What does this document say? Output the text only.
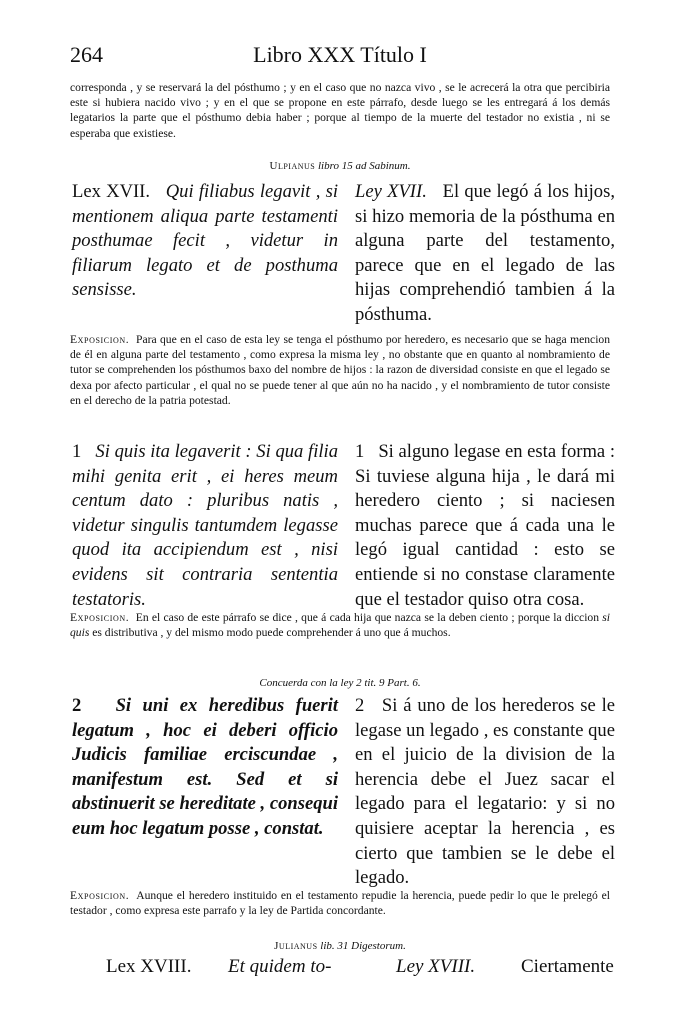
264	Libro XXX Título I
corresponda , y se reservará la del pósthumo ; y en el caso que no nazca vivo , se le acrecerá la otra que percibiria este si hubiera nacido vivo ; y en el que se propone en este párrafo, desde luego se les entregará á los demás legatarios la parte que el pósthumo debia haber ; porque al tiempo de la muerte del testador no existia , ni se esperaba que existiese.
Ulpianus libro 15 ad Sabinum.

Lex XVII. Qui filiabus legavit , si mentionem aliqua parte testamenti posthumae fecit , videtur in filiarum legato et de posthuma sensisse.

Ley XVII. El que legó á los hijos, si hizo memoria de la pósthuma en alguna parte del testamento, parece que en el legado de las hijas comprehendió tambien á la pósthuma.

Exposicion. Para que en el caso de esta ley se tenga el pósthumo por heredero, es necesario que se haga mencion de él en alguna parte del testamento , como expresa la misma ley , no obstante que en quanto al nombramiento de tutor se comprehenden los pósthumos baxo del nombre de hijos : la razon de diversidad consiste en que el legado se dexa por afecto particular , el qual no se puede tener al que aún no ha nacido , y el nombramiento de tutor consiste en el derecho de la patria potestad.

1 Si quis ita legaverit : Si qua filia mihi genita erit , ei heres meum centum dato : pluribus natis , videtur singulis tantumdem legasse quod ita accipiendum est , nisi evidens sit contraria sententia testatoris.

1 Si alguno legase en esta forma : Si tuviese alguna hija , le dará mi heredero ciento ; si naciesen muchas parece que á cada una le legó igual cantidad : esto se entiende si no constase claramente que el testador quiso otra cosa.

Exposicion. En el caso de este párrafo se dice , que á cada hija que nazca se la deben ciento ; porque la diccion si quis es distributiva , y del mismo modo puede comprehender á uno que á muchos.
Concuerda con la ley 2 tit. 9 Part. 6.

2 Si uni ex heredibus fuerit legatum , hoc ei deberi officio Judicis familiae erciscundae , manifestum est. Sed et si abstinuerit se hereditate , consequi eum hoc legatum posse , constat.

2 Si á uno de los herederos se le legase un legado , es constante que en el juicio de la division de la herencia debe el Juez sacar el legado para el legatario: y si no quisiere aceptar la herencia , es cierto que tambien se le debe el legado.

Exposicion. Aunque el heredero instituido en el testamento repudie la herencia, puede pedir lo que le prelegó el testador , como expresa este parrafo y la ley de Partida concordante.
Julianus lib. 31 Digestorum.
Lex XVIII. Et quidem to-	Ley XVIII. Ciertamente
